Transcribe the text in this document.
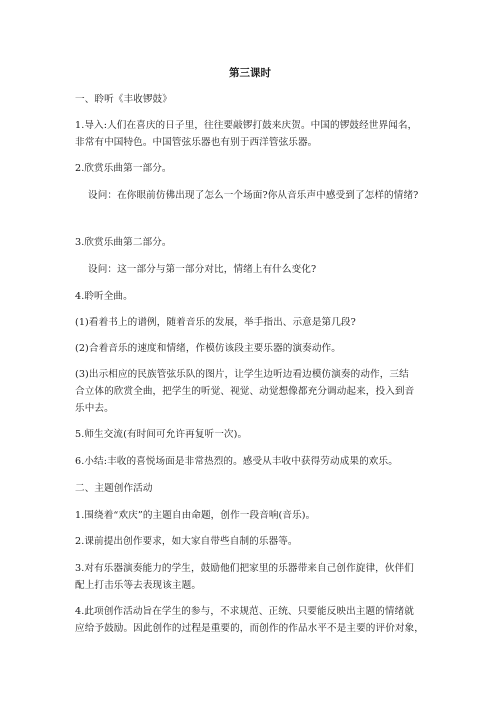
第三课时
一、聆听《丰收锣鼓》
1.导入:人们在喜庆的日子里，往往要敲锣打鼓来庆贺。中国的锣鼓经世界闻名，
非常有中国特色。中国管弦乐器也有别于西洋管弦乐器。
2.欣赏乐曲第一部分。
设问：在你眼前仿佛出现了怎么一个场面?你从音乐声中感受到了怎样的情绪?
3.欣赏乐曲第二部分。
设问：这一部分与第一部分对比，情绪上有什么变化?
4.聆听全曲。
(1)看着书上的谱例，随着音乐的发展，举手指出、示意是第几段?
(2)合着音乐的速度和情绪，作模仿该段主要乐器的演奏动作。
(3)出示相应的民族管弦乐队的图片，让学生边听边看边模仿演奏的动作，三结
合立体的欣赏全曲，把学生的听觉、视觉、动觉想像都充分调动起来，投入到音
乐中去。
5.师生交流(有时间可允许再复听一次)。
6.小结:丰收的喜悦场面是非常热烈的。感受从丰收中获得劳动成果的欢乐。
二、主题创作活动
1.围绕着“欢庆”的主题自由命题，创作一段音响(音乐)。
2.课前提出创作要求，如大家自带些自制的乐器等。
3.对有乐器演奏能力的学生，鼓励他们把家里的乐器带来自己创作旋律，伙伴们
配上打击乐等去表现该主题。
4.此项创作活动旨在学生的参与，不求规范、正统、只要能反映出主题的情绪就
应给予鼓励。因此创作的过程是重要的，而创作的作品水平不是主要的评价对象，
